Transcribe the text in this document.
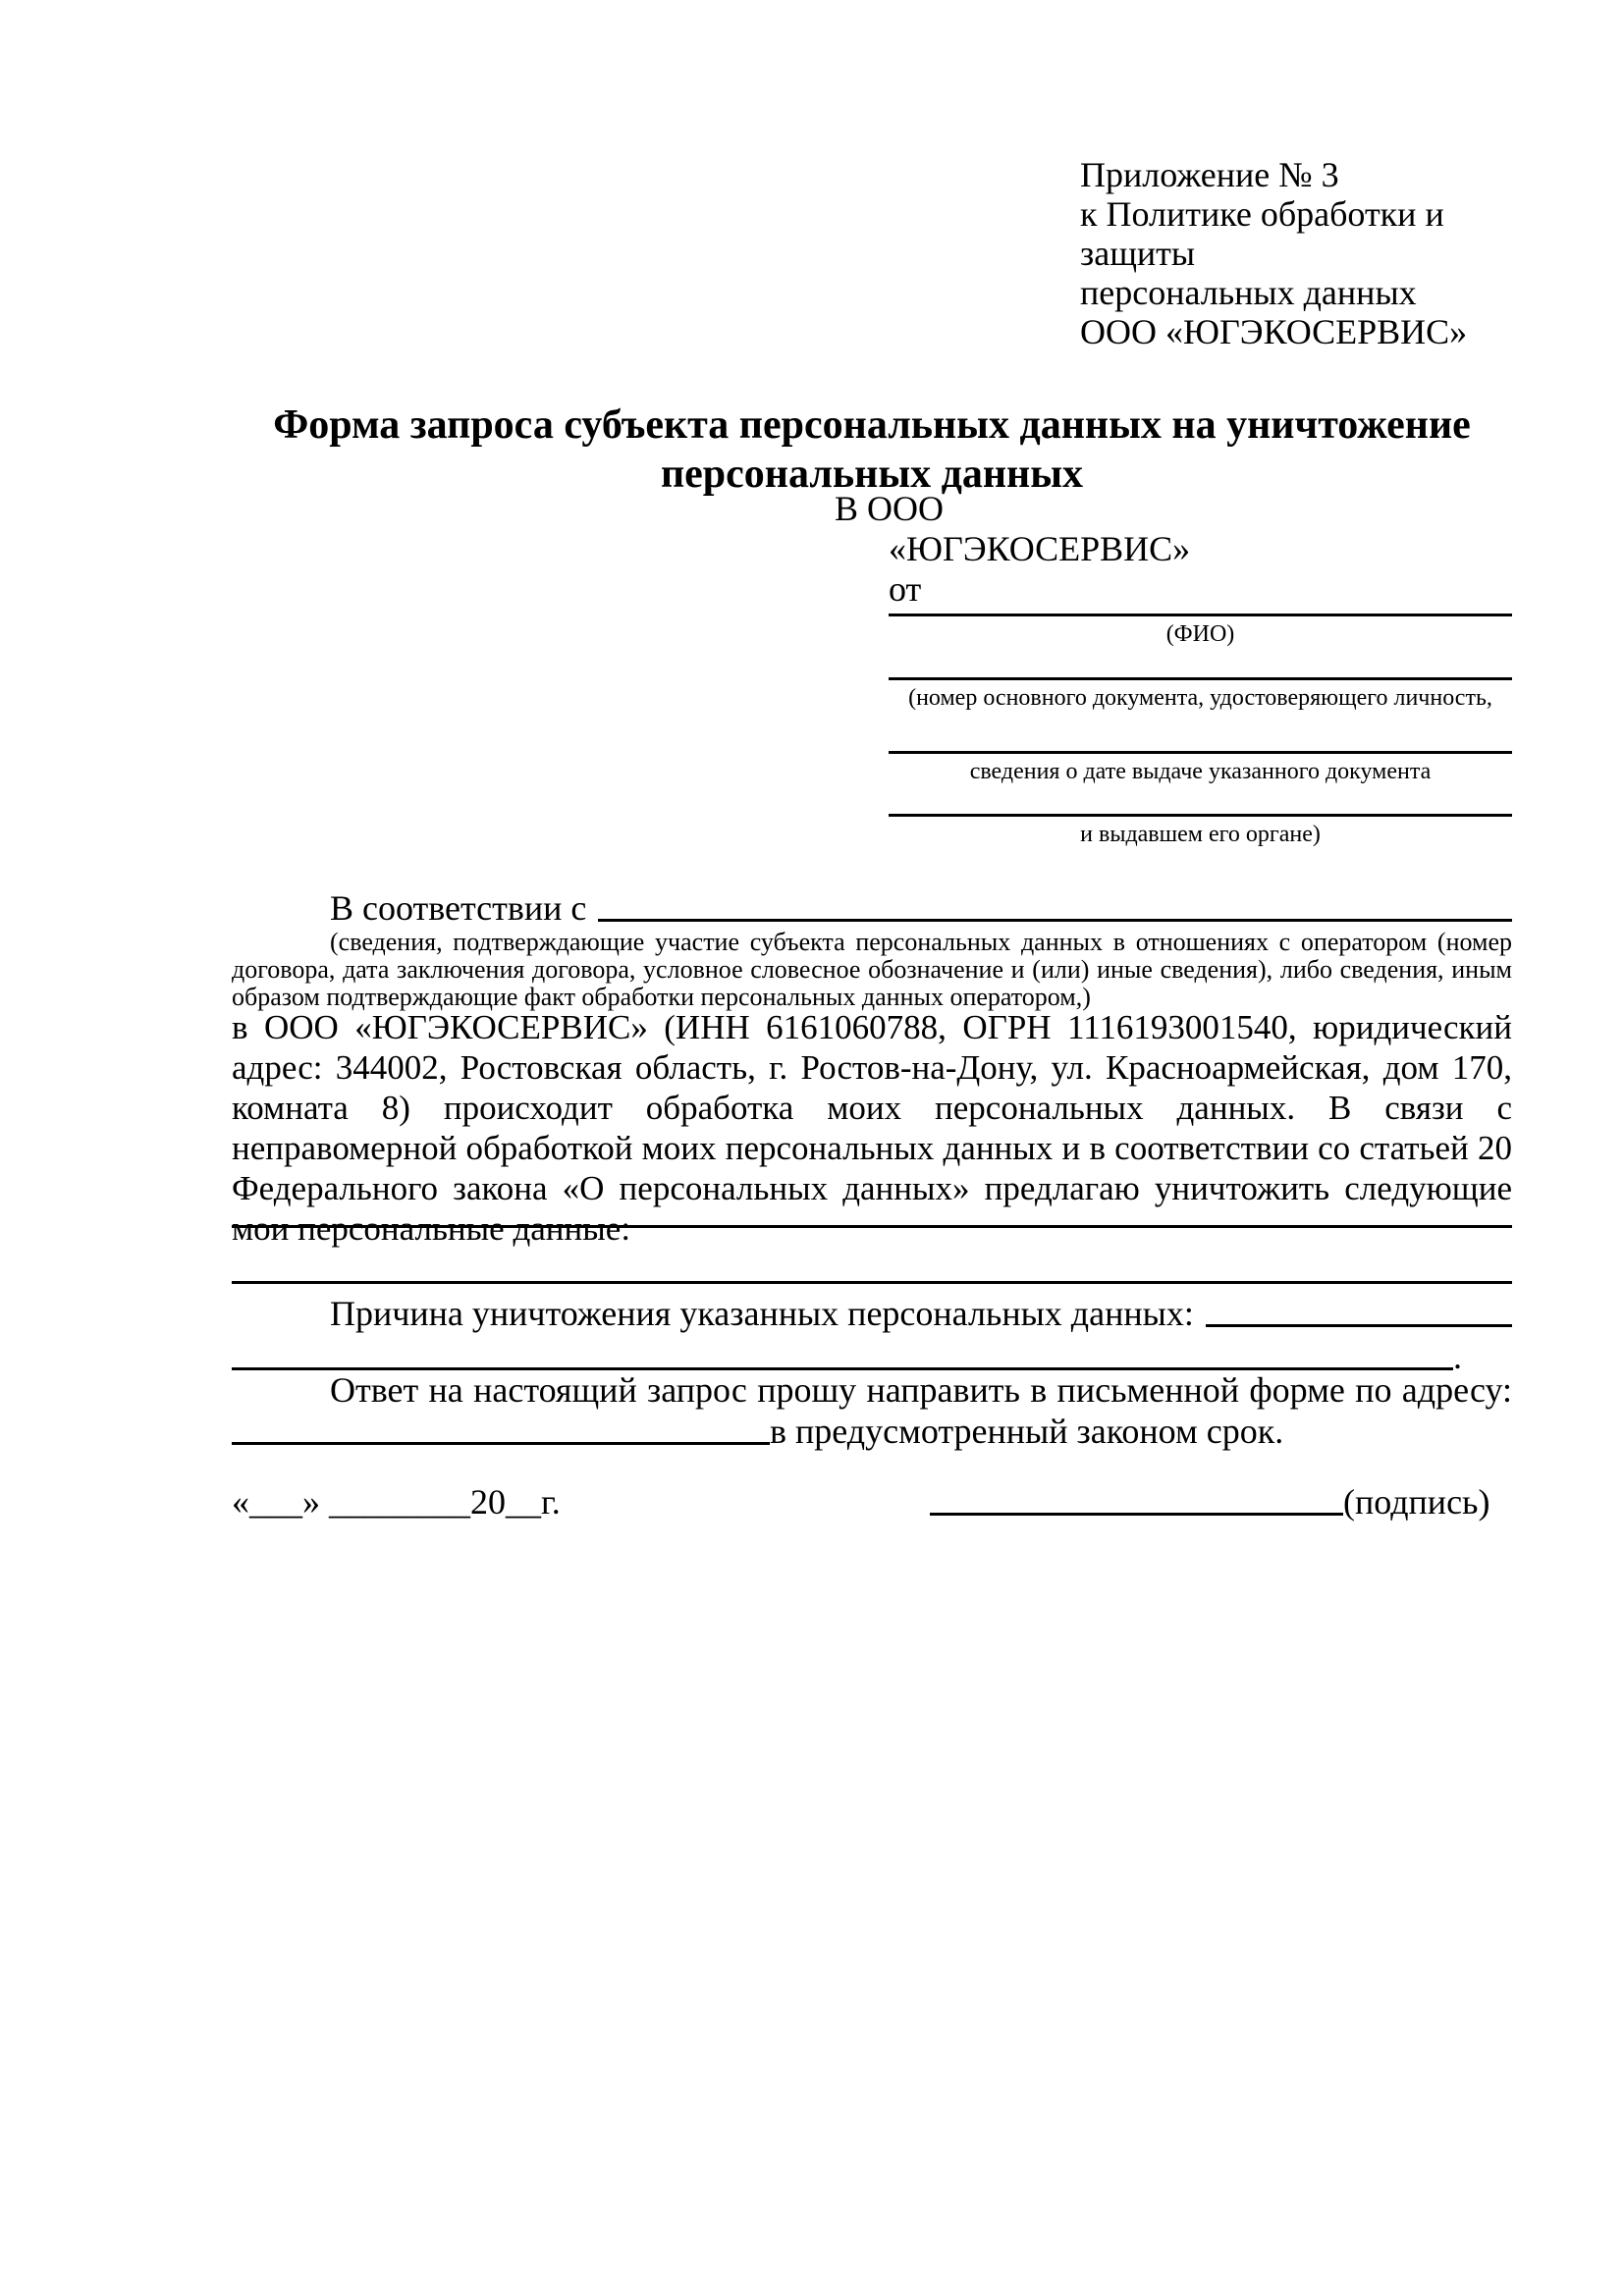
Приложение № 3
к Политике обработки и защиты
персональных данных
ООО «ЮГЭКОСЕРВИС»
Форма запроса субъекта персональных данных на уничтожение персональных данных
В ООО
«ЮГЭКОСЕРВИС»
от
(ФИО)
(номер основного документа, удостоверяющего личность,
сведения о дате выдаче указанного документа
и выдавшем его органе)
В соответствии с
(сведения, подтверждающие участие субъекта персональных данных в отношениях с оператором (номер договора, дата заключения договора, условное словесное обозначение и (или) иные сведения), либо сведения, иным образом подтверждающие факт обработки персональных данных оператором,)
в ООО «ЮГЭКОСЕРВИС» (ИНН 6161060788, ОГРН 1116193001540, юридический адрес: 344002, Ростовская область, г. Ростов-на-Дону, ул. Красноармейская, дом 170, комната 8) происходит обработка моих персональных данных. В связи с неправомерной обработкой моих персональных данных и в соответствии со статьей 20 Федерального закона «О персональных данных» предлагаю уничтожить следующие мои персональные данные:
Причина уничтожения указанных персональных данных:
.
Ответ на настоящий запрос прошу направить в письменной форме по адресу:
в предусмотренный законом срок.
«___» ________20__г.	(подпись)
